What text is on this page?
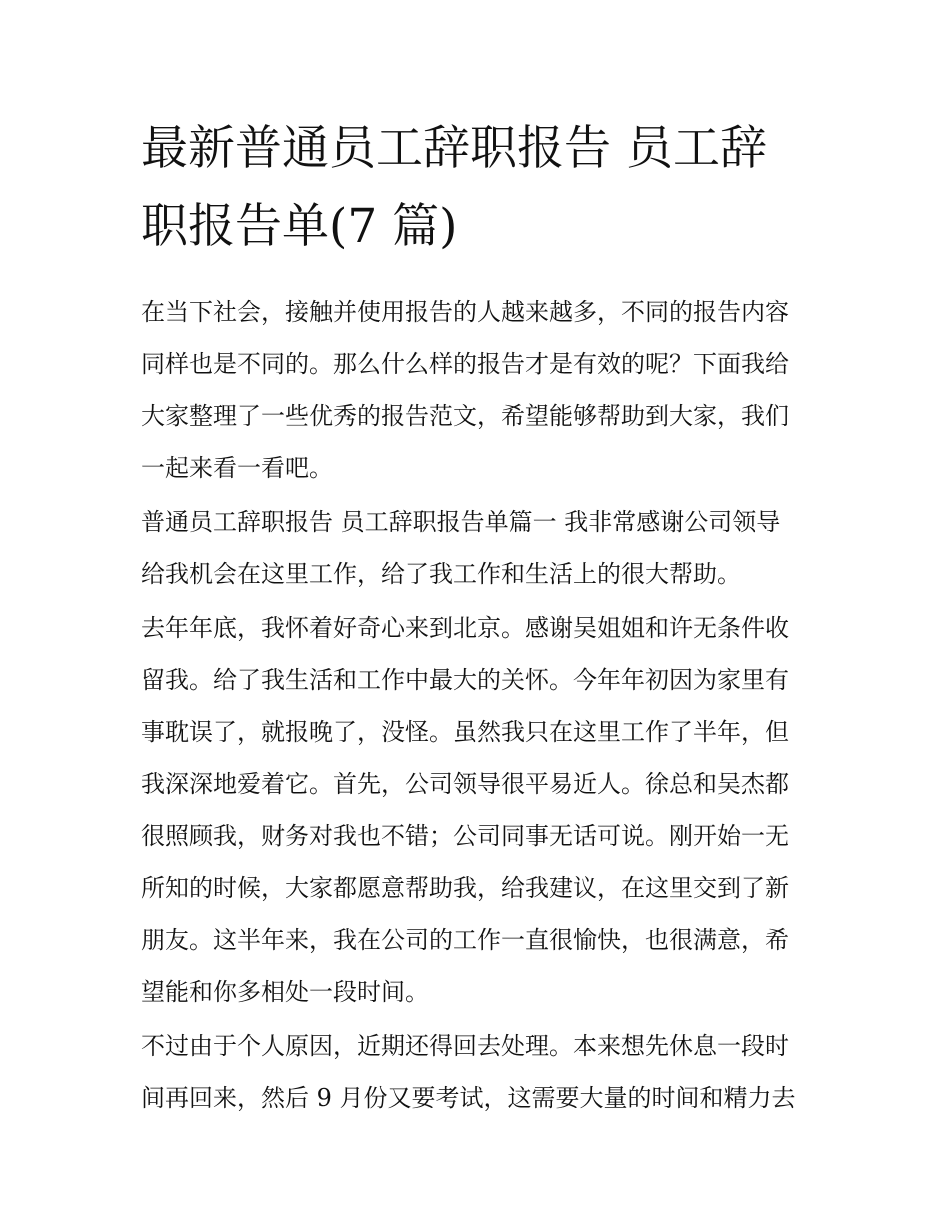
最新普通员工辞职报告 员工辞
职报告单(7 篇)

在当下社会，接触并使用报告的人越来越多，不同的报告内容
同样也是不同的。那么什么样的报告才是有效的呢？下面我给
大家整理了一些优秀的报告范文，希望能够帮助到大家，我们
一起来看一看吧。

普通员工辞职报告 员工辞职报告单篇一 我非常感谢公司领导
给我机会在这里工作，给了我工作和生活上的很大帮助。

去年年底，我怀着好奇心来到北京。感谢吴姐姐和许无条件收
留我。给了我生活和工作中最大的关怀。今年年初因为家里有
事耽误了，就报晚了，没怪。虽然我只在这里工作了半年，但
我深深地爱着它。首先，公司领导很平易近人。徐总和吴杰都
很照顾我，财务对我也不错；公司同事无话可说。刚开始一无
所知的时候，大家都愿意帮助我，给我建议，在这里交到了新
朋友。这半年来，我在公司的工作一直很愉快，也很满意，希
望能和你多相处一段时间。

不过由于个人原因，近期还得回去处理。本来想先休息一段时
间再回来，然后 9 月份又要考试，这需要大量的时间和精力去
